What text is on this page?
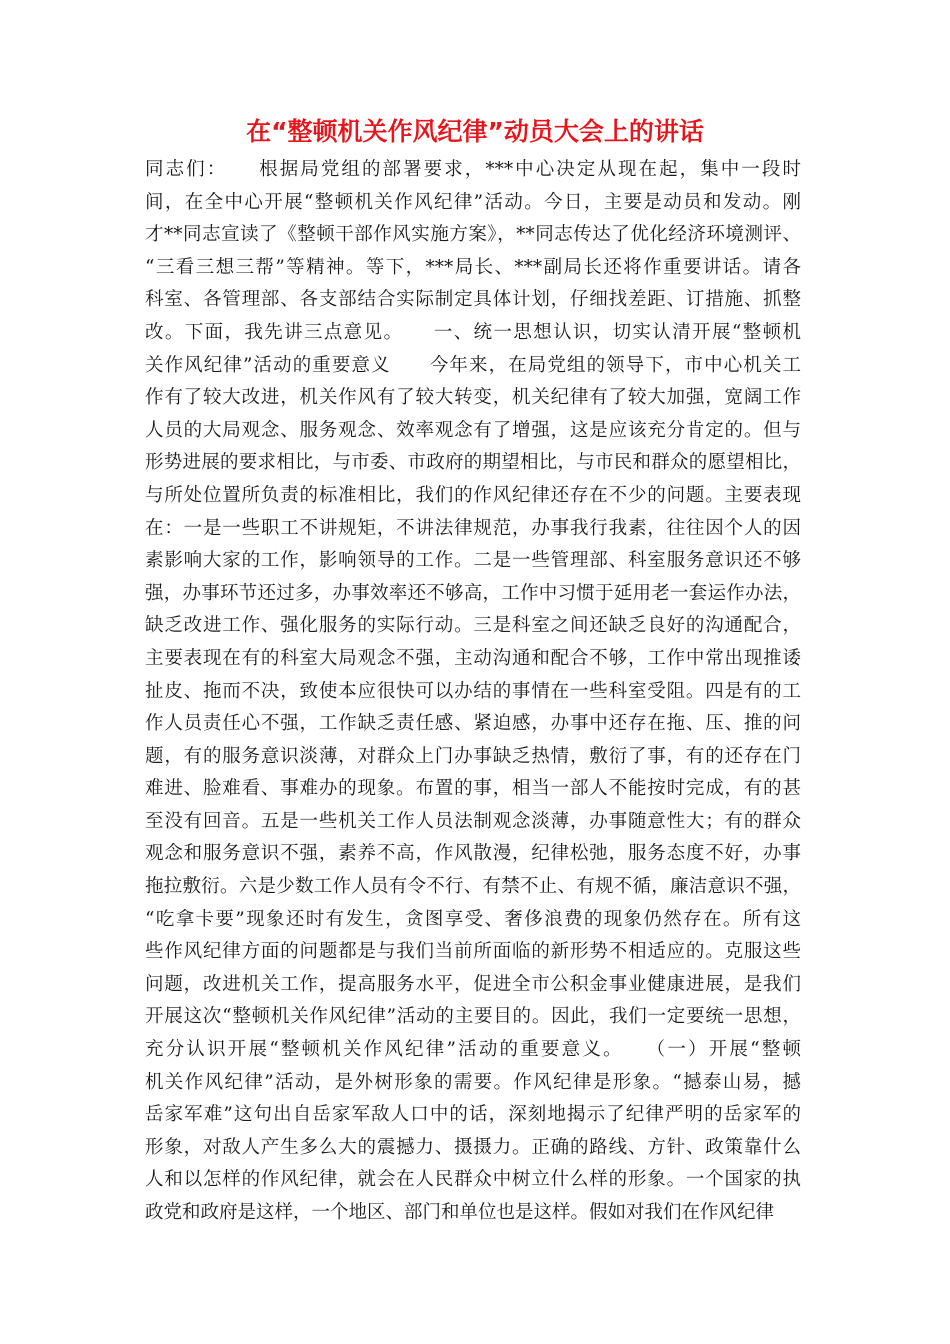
在“整顿机关作风纪律”动员大会上的讲话
同志们：　　根据局党组的部署要求，***中心决定从现在起，集中一段时
间，在全中心开展“整顿机关作风纪律”活动。今日，主要是动员和发动。刚
才**同志宣读了《整顿干部作风实施方案》，**同志传达了优化经济环境测评、
“三看三想三帮”等精神。等下，***局长、***副局长还将作重要讲话。请各
科室、各管理部、各支部结合实际制定具体计划，仔细找差距、订措施、抓整
改。下面，我先讲三点意见。　　一、统一思想认识，切实认清开展“整顿机
关作风纪律”活动的重要意义　　今年来，在局党组的领导下，市中心机关工
作有了较大改进，机关作风有了较大转变，机关纪律有了较大加强，宽阔工作
人员的大局观念、服务观念、效率观念有了增强，这是应该充分肯定的。但与
形势进展的要求相比，与市委、市政府的期望相比，与市民和群众的愿望相比，
与所处位置所负责的标准相比，我们的作风纪律还存在不少的问题。主要表现
在：一是一些职工不讲规矩，不讲法律规范，办事我行我素，往往因个人的因
素影响大家的工作，影响领导的工作。二是一些管理部、科室服务意识还不够
强，办事环节还过多，办事效率还不够高，工作中习惯于延用老一套运作办法，
缺乏改进工作、强化服务的实际行动。三是科室之间还缺乏良好的沟通配合，
主要表现在有的科室大局观念不强，主动沟通和配合不够，工作中常出现推诿
扯皮、拖而不决，致使本应很快可以办结的事情在一些科室受阻。四是有的工
作人员责任心不强，工作缺乏责任感、紧迫感，办事中还存在拖、压、推的问
题，有的服务意识淡薄，对群众上门办事缺乏热情，敷衍了事，有的还存在门
难进、脸难看、事难办的现象。布置的事，相当一部人不能按时完成，有的甚
至没有回音。五是一些机关工作人员法制观念淡薄，办事随意性大；有的群众
观念和服务意识不强，素养不高，作风散漫，纪律松弛，服务态度不好，办事
拖拉敷衍。六是少数工作人员有令不行、有禁不止、有规不循，廉洁意识不强，
“吃拿卡要”现象还时有发生，贪图享受、奢侈浪费的现象仍然存在。所有这
些作风纪律方面的问题都是与我们当前所面临的新形势不相适应的。克服这些
问题，改进机关工作，提高服务水平，促进全市公积金事业健康进展，是我们
开展这次“整顿机关作风纪律”活动的主要目的。因此，我们一定要统一思想，
充分认识开展“整顿机关作风纪律”活动的重要意义。　　（一）开展“整顿
机关作风纪律”活动，是外树形象的需要。作风纪律是形象。“撼泰山易，撼
岳家军难”这句出自岳家军敌人口中的话，深刻地揭示了纪律严明的岳家军的
形象，对敌人产生多么大的震撼力、摄摄力。正确的路线、方针、政策靠什么
人和以怎样的作风纪律，就会在人民群众中树立什么样的形象。一个国家的执
政党和政府是这样，一个地区、部门和单位也是这样。假如对我们在作风纪律
